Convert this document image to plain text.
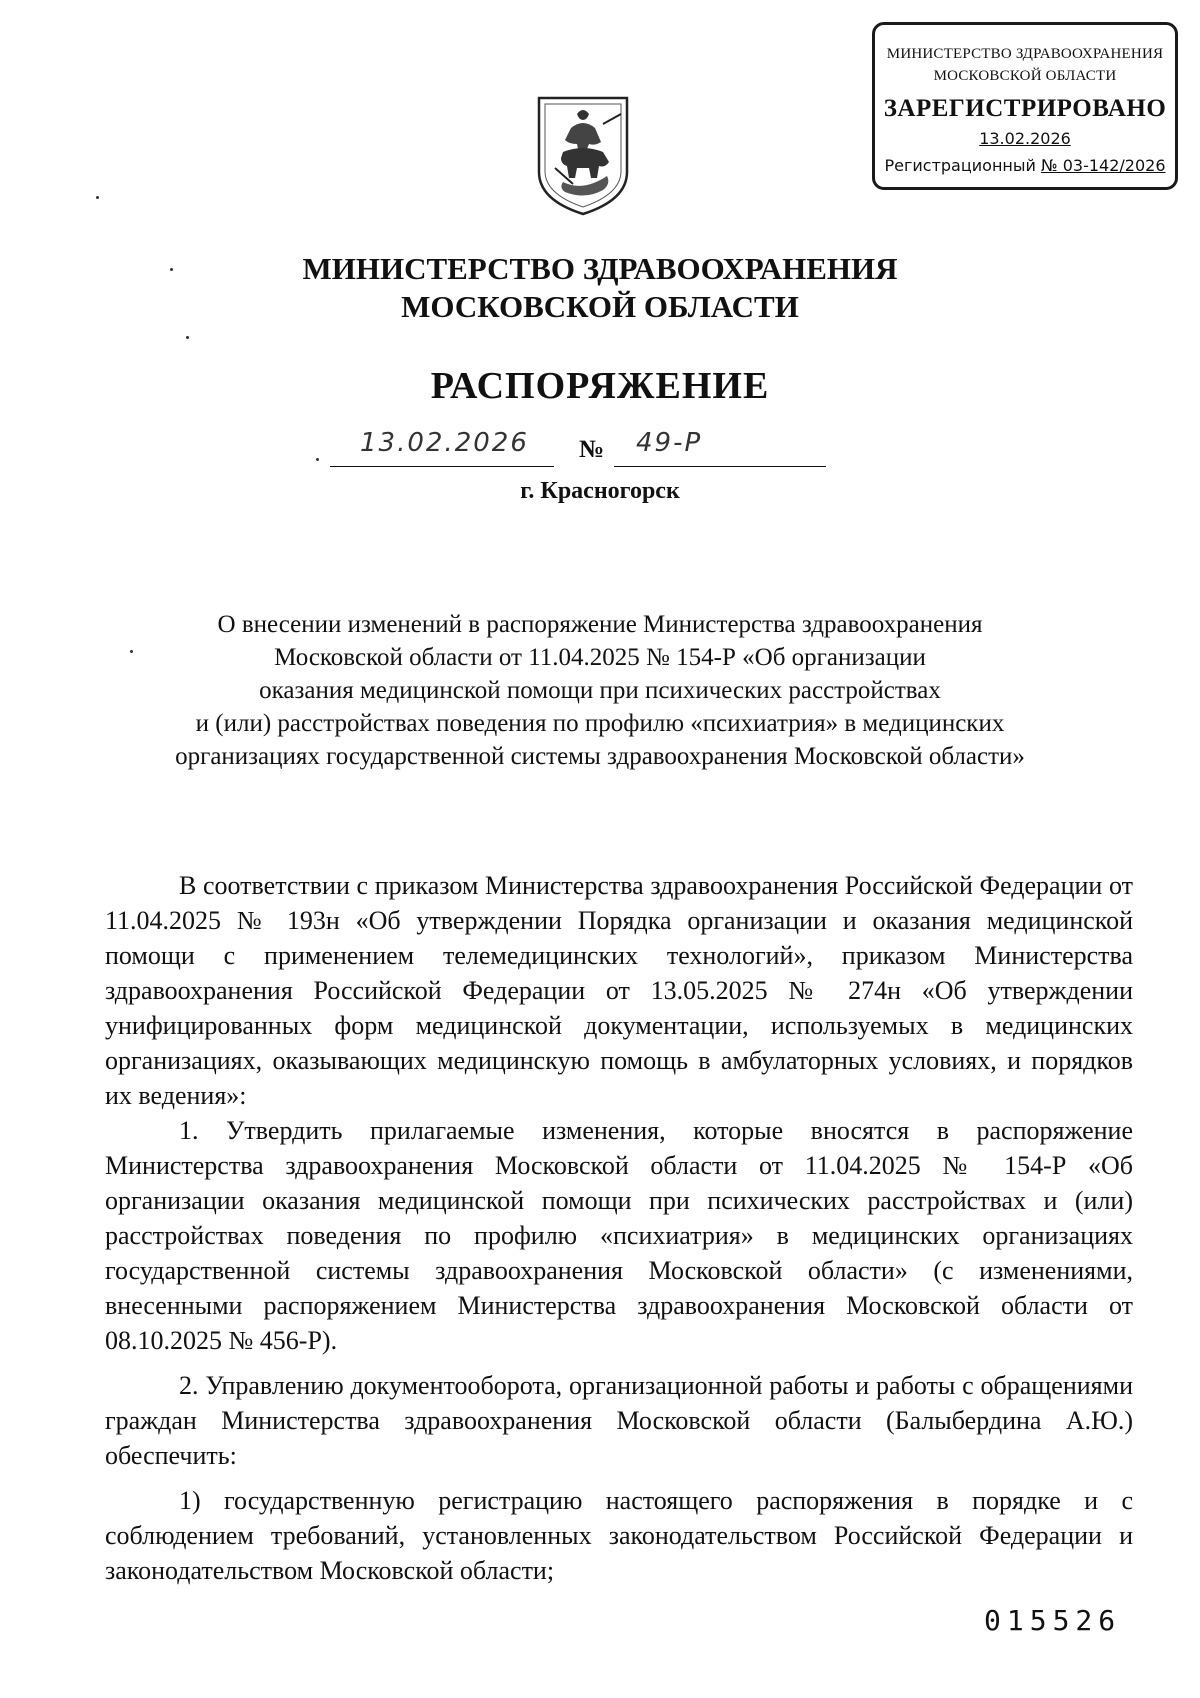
МИНИСТЕРСТВО ЗДРАВООХРАНЕНИЯ
МОСКОВСКОЙ ОБЛАСТИ
ЗАРЕГИСТРИРОВАНО
13.02.2026
Регистрационный № 03-142/2026
МИНИСТЕРСТВО ЗДРАВООХРАНЕНИЯ
МОСКОВСКОЙ ОБЛАСТИ
РАСПОРЯЖЕНИЕ
13.02.2026 № 49-Р
г. Красногорск
О внесении изменений в распоряжение Министерства здравоохранения
Московской области от 11.04.2025 № 154-Р «Об организации
оказания медицинской помощи при психических расстройствах
и (или) расстройствах поведения по профилю «психиатрия» в медицинских
организациях государственной системы здравоохранения Московской области»

В соответствии с приказом Министерства здравоохранения Российской Федерации от 11.04.2025 № 193н «Об утверждении Порядка организации и оказания медицинской помощи с применением телемедицинских технологий», приказом Министерства здравоохранения Российской Федерации от 13.05.2025 № 274н «Об утверждении унифицированных форм медицинской документации, используемых в медицинских организациях, оказывающих медицинскую помощь в амбулаторных условиях, и порядков их ведения»:

1. Утвердить прилагаемые изменения, которые вносятся в распоряжение Министерства здравоохранения Московской области от 11.04.2025 № 154-Р «Об организации оказания медицинской помощи при психических расстройствах и (или) расстройствах поведения по профилю «психиатрия» в медицинских организациях государственной системы здравоохранения Московской области» (с изменениями, внесенными распоряжением Министерства здравоохранения Московской области от 08.10.2025 № 456-Р).

2. Управлению документооборота, организационной работы и работы с обращениями граждан Министерства здравоохранения Московской области (Балыбердина А.Ю.) обеспечить:

1) государственную регистрацию настоящего распоряжения в порядке и с соблюдением требований, установленных законодательством Российской Федерации и законодательством Московской области;

015526
